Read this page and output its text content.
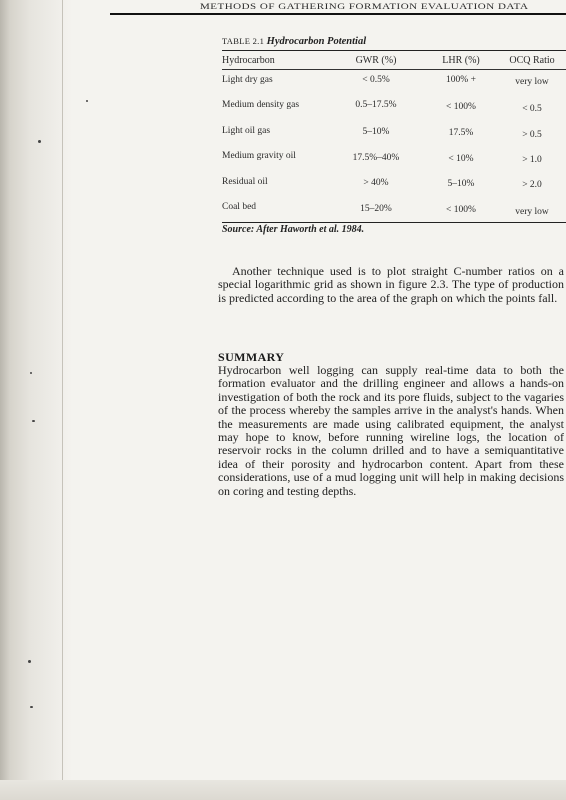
METHODS OF GATHERING FORMATION EVALUATION DATA
TABLE 2.1 Hydrocarbon Potential
Hydrocarbon	GWR (%)	LHR (%)	OCQ Ratio
Light dry gas	< 0.5%	100% +	very low
Medium density gas	0.5–17.5%	< 100%	< 0.5
Light oil gas	5–10%	17.5%	> 0.5
Medium gravity oil	17.5%–40%	< 10%	> 1.0
Residual oil	> 40%	5–10%	> 2.0
Coal bed	15–20%	< 100%	very low
Source: After Haworth et al. 1984.
Another technique used is to plot straight C-number ratios on a special logarithmic grid as shown in figure 2.3. The type of production is predicted according to the area of the graph on which the points fall.
SUMMARY
Hydrocarbon well logging can supply real-time data to both the formation evaluator and the drilling engineer and allows a hands-on investigation of both the rock and its pore fluids, subject to the vagaries of the process whereby the samples arrive in the analyst's hands. When the measurements are made using calibrated equipment, the analyst may hope to know, before running wireline logs, the location of reservoir rocks in the column drilled and to have a semiquantitative idea of their porosity and hydrocarbon content. Apart from these considerations, use of a mud logging unit will help in making decisions on coring and testing depths.
